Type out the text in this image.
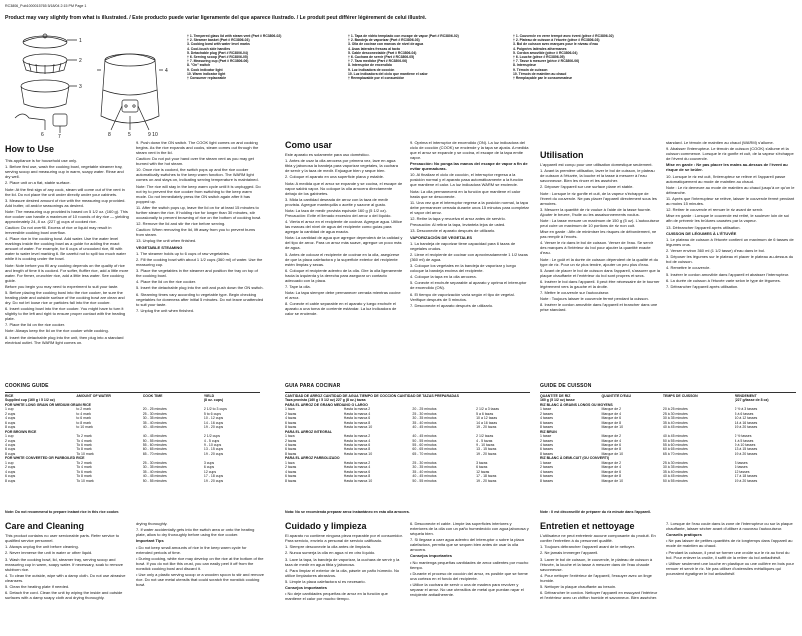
RC3806_Pub1000015765 5/18/04 2:15 PM Page 1
Product may vary slightly from what is illustrated. / Este producto puede variar ligeramente del que aparece ilustrado. / Le produit peut différer légèrement de celui illustré.
1
2
3
6	7
4
5
8	9 10
† 1. Tempered glass lid with steam vent (Part # RC3806-02)
† 2. Steamer basket (Part # RC3806-03)
3. Cooking bowl with water level marks
4. Cool-touch side handles
5. Detachable plug (Part # RC3806-04)
† 6. Serving scoop (Part # RC3806-05)
† 7. Measuring cup (Part # RC3806-06)
8. "On" switch
9. Cook indicator light
10. Warm indicator light
† Consumer replaceable
† 1. Tapa de vidrio templado con escape de vapor (Part # RC3806-02)
† 2. Bandeja de vaporizar (Part # RC3806-03)
3. Olla de cocinar con marcas de nivel de agua
4. Asas laterales frescas al tacto
5. Cable desconectable (Part # RC3806-04)
† 6. Cuchara de servir (Part # RC3806-05)
† 7. Taza medidor (Part # RC3806-06)
8. Interruptor de encendido
9. Luz indicadora de cocción
10. Luz indicadora del ciclo que mantiene el calor
† Reemplazable por el consumidor
† 1. Couvercle en verre trempé avec évent (pièce # RC3806-02)
† 2. Plateau de cuisson à l'étuvée (pièce # RC3806-03)
3. Bol de cuisson avec marques pour le niveau d'eau
4. Poignées latérales athermanes
5. Cordon amovible (pièce # RC3806-04)
† 6. Louche (pièce # RC3806-05)
† 7. Tasse à mesurer (pièce # RC3806-06)
8. Interrupteur
9. Témoin de cuisson
10. Témoin de maintien au chaud
† Remplaçable par le consommateur
How to Use	Como usar
Utilisation

This appliance is for household use only.

1. Before first use, wash the cooking bowl, vegetable steamer tray, serving scoop and measuring cup in warm, soapy water. Rinse and dry well.

2. Place unit on a flat, stable surface.

Note: At the first sign of any cook, steam will come out of the vent in the lid. Do not place the unit under directly under your cabinets.

3. Measure desired amount of rice with the measuring cup provided. Add butter, oil and/or seasonings as desired.

Note: The measuring cup provided is based on 5 1/2 oz. (160 g). This rice cooker can handle a maximum of 10 rounds of dry rice — yielding approximately 24, 8 oz. (227 g) cups of cooked rice.

Caution: Do not overfill. Excess of rice or liquid may result in irreversible cooking bowl overflow.

4. Place rice in the cooking bowl. Add water. Use the water level markings inside the cooking bowl as a guide for adding the exact amount of water. For example, for 6 cups of uncooked rice, fill with water to water level marking 6. Be careful not to spill too much water while it is cooking under the bowl.

Note: Note before you fill any cooking depends on the quality of rice and length of time it is cooked. For softer, fluffier rice, add a little more water. For firmer, crunchier rice, add a little less water. See cooking guide.

Before you begin you may need to experiment to suit your taste.

5. Before placing the cooking bowl into the rice cooker, be sure the heating plate and outside surface of the cooking bowl are clean and dry. Do not let loose rice or particles fall into the rice cooker.

6. Insert cooking bowl into the rice cooker. You might have to turn it slightly to the left and right to ensure proper contact with the heating plate.

7. Place the lid on the rice cooker.

Note: Always keep the lid on the rice cooker while cooking.

8. Insert the detachable plug into the unit, then plug into a standard electrical outlet. The WARM light comes on.

9. Push down the ON switch. The COOK light comes on and cooking begins. As the rice expands and cooks, steam comes out through the steam vent in the lid.

Caution: Do not put your hand over the steam vent as you may get burned with the hot steam.

10. Once rice is cooked, the switch pops up and the rice cooker automatically switches to the keep warm function. The WARM light comes on and stays on, indicating serving temperature is maintained.

Note: The rice will stay in the keep warm cycle until it is unplugged. Do not try to prevent the rice cooker from switching to the keep warm mode. Do not immediately press the ON switch again after it has popped up.

11. After the switch pops up, leave the lid on for at least 15 minutes to further steam the rice. If holding rice for longer than 30 minutes, stir occasionally to prevent browning of rice on the bottom of cooking bowl.

12. Remove the lid and stir the rice before serving.

Caution: When removing the lid, lift away from you to prevent burns from steam.

13. Unplug the unit when finished.

VEGETABLE STEAMING

1. The steamer holds up to 6 cups of raw vegetables.

2. Fill the cooking bowl with about 1 1/2 cups (360 ml) of water. Use the measuring cup.

3. Place the vegetables in the steamer and position the tray on top of the cooking bowl.

4. Place the lid on the rice cooker.

5. Insert the detachable plug into the unit and push down the ON switch.

6. Steaming times vary according to vegetable type. Begin checking vegetables for doneness after initial 5 minutes. Do not leave unattended to suit your taste.

7. Unplug the unit when finished.

Este aparato es solamente para uso doméstico.

1. Antes de usar la olla arrocera por primera vez, lave en agua tibia y jabonosa la bandeja para vaporizar vegetales, la cuchara de servir y la taza de medir. Enjuague bien y seque bien.

2. Coloque el aparato en una superficie plana y estable.

Nota: A medida que el arroz se expande y se cocina, el escape de vapor saldrá vapor. No coloque la olla arrocera directamente debajo de los gabinetes.

3. Mida la cantidad deseada de arroz con la taza de medir provista. Agregue mantequilla o aceite y sazone al gusto.

Nota: La taza de medir provista equivale 160 g (5 1/2 oz). Precaución: Evite el llenado excesivo del arroz o del líquido.

4. Vierta el arroz en el recipiente de cocinar. Agregue agua. Utilice las marcas del nivel de agua del recipiente como guías para agregar la cantidad de agua exacta.

Nota: La cantidad de agua que agregue dependerá de la calidad y del tipo de arroz. Para un arroz más suave, agregue un poco más de agua.

5. Antes de colocar el recipiente de cocinar en la olla, asegúrese de que la placa calefactora y la superficie exterior del recipiente estén limpias y secas.

6. Coloque el recipiente adentro de la olla. Gire la olla ligeramente hacia la izquierda y la derecha para asegurar un contacto adecuado con la placa.

7. Tape la olla.

Nota: La tapa siempre debe permanecer cerrada mientras cocine el arroz.

8. Conecte el cable separable en el aparato y luego enchufe el aparato a una toma de corriente estándar. La luz indicadora de calor se enciende.

9. Oprima el interruptor de encendido (ON). La luz indicadora del ciclo de cocción (COOK) se enciende y la tapa se ajusta. A medida que el arroz se expande y se cocina, el escape de la tapa emite vapor.

Precaución: No ponga las manos del escape de vapor a fin de evitar quemaduras.

10. Al finalizar el ciclo de cocción, el interruptor regresa a la posición normal y el aparato pasa automáticamente a la función que mantiene el calor. La luz indicadora WARM se enciende.

Nota: La olla permanecerá en la función que mantiene el calor hasta que se desconecte.

11. Una vez que el interruptor regrese a la posición normal, la tapa debe permanecer cerrada durante unos 15 minutos para completar el vapor del arroz.

12. Retire la tapa y revuelva el arroz antes de servirlo.

Precaución: Al retirar la tapa, levántela lejos de usted.

13. Desconecte el aparato después de utilizarlo.

VAPORIZACIÓN DE VEGETALES

1. La bandeja de vaporizar tiene capacidad para 6 tazas de vegetales crudos.

2. Llene el recipiente de cocinar con aproximadamente 1 1/2 tazas (360 ml) de agua.

3. Coloque los vegetales en la bandeja de vaporizar y luego coloque la bandeja encima del recipiente.

4. Coloque la tapa en la olla arrocera.

5. Conecte el enchufe separable al aparato y oprima el interruptor de encendido (ON).

6. El tiempo de vaporización varía según el tipo de vegetal. Verifique después de 5 minutos.

7. Desconecte el aparato después de utilizarlo.

L'appareil est conçu pour une utilisation domestique seulement.

1. Avant la première utilisation, laver le bol de cuisson, le plateau de cuisson à l'étuvée, la louche et la tasse à mesurer à l'eau savonneuse. Bien les rincer et les assécher.

2. Déposer l'appareil sur une surface plane et stable.

Note : Lorsque le riz gonfle et cuit, de la vapeur s'échappe de l'évent du couvercle. Ne pas placer l'appareil directement sous les armoires.

3. Mesurer la quantité de riz voulue à l'aide de la tasse fournie. Ajouter le beurre, l'huile ou les assaisonnements voulus.

Note : La tasse mesure un maximum de 150 g (5 oz). L'autocuiseur peut cuire un maximum de 10 portions de riz non cuit.

Mise en garde : Afin de minimiser les risques de débordement, ne pas remplir à l'excès.

4. Verser le riz dans le bol de cuisson. Verser de l'eau. Se servir des marques à l'intérieur du bol pour ajouter la quantité exacte d'eau.

Note : Le goût et la durée de cuisson dépendent de la qualité et du type de riz. Pour un riz plus tendre, ajouter un peu plus d'eau.

5. Avant de placer le bol de cuisson dans l'appareil, s'assurer que la plaque chauffante et l'extérieur du bol sont propres et secs.

6. Insérer le bol dans l'appareil. Il peut être nécessaire de le tourner légèrement vers la gauche et la droite.

7. Mettre le couvercle sur l'autocuiseur.

Note : Toujours laisser le couvercle fermé pendant la cuisson.

8. Insérer le cordon amovible dans l'appareil et brancher dans une prise standard.

standard. Le témoin de maintien au chaud (WARM) s'allume.

9. Abaisser l'interrupteur. Le témoin de cuisson (COOK) s'allume et la cuisson commence. Lorsque le riz gonfle et cuit, de la vapeur s'échappe de l'évent du couvercle.

Mise en garde : Ne pas placer les mains au-dessus de l'évent au risque de se brûler.

10. Lorsque le riz est cuit, l'interrupteur se relève et l'appareil passe automatiquement au mode de maintien au chaud.

Note : Le riz demeure au mode de maintien au chaud jusqu'à ce qu'on le débranche.

11. Après que l'interrupteur se relève, laisser le couvercle fermé pendant au moins 15 minutes.

12. Retirer le couvercle et remuer le riz avant de servir.

Mise en garde : Lorsque le couvercle est retiré, le soulever loin de soi afin de prévenir les brûlures causées par la vapeur.

13. Débrancher l'appareil après utilisation.

CUISSON DE LÉGUMES À L'ÉTUVÉE

1. Le plateau de cuisson à l'étuvée contient un maximum de 6 tasses de légumes crus.

2. Verser environ 360 ml (1 1/2 tasse) d'eau dans le bol.

3. Déposer les légumes sur le plateau et placer le plateau au-dessus du bol de cuisson.

4. Remettre le couvercle.

5. Insérer le cordon amovible dans l'appareil et abaisser l'interrupteur.

6. La durée de cuisson à l'étuvée varie selon le type de légumes.

7. Débrancher l'appareil après utilisation.

COOKING GUIDE
RICE
Supplied cup (160 g / 5 1/2 oz)
AMOUNT OF WATER	COOK TIME	YIELD
(8 oz. cups)
FOR WHITE LONG GRAIN OR MEDIUM GRAIN RICE
1 cup	to 2 mark	20 - 25 minutes	2 1/2 to 3 cups
2 cups	to 4 mark	25 - 30 minutes	5 to 6 cups
4 cups	to 6 mark	30 - 35 minutes	10 - 12 cups
6 cups	to 8 mark	35 - 40 minutes	14 - 16 cups
8 cups	to 10 mark	40 - 45 minutes	19 - 20 cups
FOR BROWN RICE
1 cup	To 2 mark	40 - 45 minutes	2 1/2 cups
2 cups	To 4 mark	50 - 55 minutes	4 - 5 cups
4 cups	To 6 mark	55 - 60 minutes	9 - 10 cups
6 cups	To 8 mark	60 - 65 minutes	13 - 15 cups
8 cups	To 10 mark	65 - 70 minutes	19 - 20 cups
FOR WHITE CONVERTED OR PARBOILED RICE
1 cup	To 2 mark	25 - 30 minutes	3 cups
2 cups	To 4 mark	30 - 35 minutes	6 cups
4 cups	To 6 mark	35 - 40 minutes	12 cups
6 cups	To 8 mark	40 - 45 minutes	17 - 18 cups
8 cups	To 10 mark	50 - 55 minutes	19 - 20 cups
Note: Do not recommend to prepare instant rice in this rice cooker.
GUIA PARA COCINAR
CANTIDAD DE ARROZ CANTIDAD DE AGUA TIEMPO DE COCCIÓN CANTIDAD DE TAZAS PREPARADAS
Taza provista (160 g / 5 1/2 oz) 227 g (8 oz.) tazas
PARA EL ARROZ DE GRANO MEDIANO O LARGO
1 taza	Hasta la marca 2	20 - 25 minutos	2 1/2 a 3 tazas
2 tazas	Hasta la marca 4	25 - 30 minutos	5 a 6 tazas
4 tazas	Hasta la marca 6	30 - 35 minutos	10 a 12 tazas
6 tazas	Hasta la marca 8	35 - 40 minutos	14 a 16 tazas
8 tazas	Hasta la marca 10	40 - 45 minutos	19 - 20 tazas
PARA EL ARROZ INTEGRAL
1 taza	Hasta la marca 2	40 - 45 minutos	2 1/2 tazas
2 tazas	Hasta la marca 4	50 - 55 minutos	4 - 5 tazas
4 tazas	Hasta la marca 6	55 - 60 minutos	9 - 10 tazas
6 tazas	Hasta la marca 8	60 - 65 minutos	13 - 15 tazas
8 tazas	Hasta la marca 10	65 - 70 minutos	19 - 20 tazas
PARA EL ARROZ PARBOLIZADO
1 taza	Hasta la marca 2	25 - 30 minutos	3 tazas
2 tazas	Hasta la marca 4	30 - 35 minutos	6 tazas
4 tazas	Hasta la marca 6	35 - 40 minutos	12 tazas
6 tazas	Hasta la marca 8	40 - 45 minutos	17 - 18 tazas
8 tazas	Hasta la marca 10	50 - 55 minutos	19 - 20 tazas
Nota: No se recomienda preparar arroz instantáneo en esta olla arrocera.
GUIDE DE CUISSON
QUANTITÉ DE RIZ
160 g (5 1/2 oz) tasse
QUANTITÉ D'EAU	TEMPS DE CUISSON	RENDEMENT
(227 g/tasse de 8 oz)
RIZ BLANC À GRAINS LONGS OU MOYENS
1 tasse	Marque de 2	20 à 25 minutes	2 ½ à 3 tasses
2 tasses	Marque de 4	25 à 30 minutes	5 à 6 tasses
4 tasses	Marque de 6	30 à 35 minutes	10 à 12 tasses
6 tasses	Marque de 8	35 à 40 minutes	14 à 16 tasses
8 tasses	Marque de 10	40 à 45 minutes	19 à 20 tasses
RIZ BRUN
1 tasse	Marque de 2	40 à 45 minutes	2 ½ tasses
2 tasses	Marque de 4	50 à 55 minutes	4 à 5 tasses
4 tasses	Marque de 6	55 à 60 minutes	9 à 10 tasses
6 tasses	Marque de 8	60 à 65 minutes	13 à 15 tasses
8 tasses	Marque de 10	65 à 70 minutes	19 à 20 tasses
RIZ BLANC À DEMI-CUIT (OU CONVERTI)
1 tasse	Marque de 2	25 à 30 minutes	3 tasses
2 tasses	Marque de 4	30 à 35 minutes	6 tasses
4 tasses	Marque de 6	35 à 40 minutes	12 tasses
6 tasses	Marque de 8	40 à 45 minutes	17 à 18 tasses
8 tasses	Marque de 10	50 à 55 minutes	19 à 20 tasses
Note : Il est déconseillé de préparer du riz minute dans l'appareil.
Care and Cleaning

This product contains no user serviceable parts. Refer service to qualified service personnel.

1. Always unplug the unit before cleaning.

2. Never immerse the unit in water or other liquid.

3. Wash the cooking bowl, lid, steamer tray, serving scoop and measuring cup in warm, soapy water. If necessary, soak to remove stubborn rice.

4. To clean the outside, wipe with a damp cloth. Do not use abrasive cleansers.

5. Clean the heating plate if needed.

6. Detach the cord. Clean the unit by wiping the inside and outside surfaces with a damp soapy cloth and drying thoroughly.

drying thoroughly.

7. If water accidentally gets into the switch area or onto the heating plate, allow to dry thoroughly before using the rice cooker.

Important Tips

• Do not keep small amounts of rice in the keep warm cycle for extended periods of time.

• During cooking, white rice may develop on the rice at the bottom of the bowl. If you do not like this crust, you can easily peel it off from the nonstick cooking bowl and discard it.

• Use only a plastic serving scoop or a wooden spoon to stir and remove rice. Do not use metal utensils that could scratch the nonstick cooking bowl.

Cuidado y limpieza

El aparato no contiene ninguna pieza reparable por el consumidor. Para servicio, envíelo a personal de servicio calificado.

1. Siempre desconecte la olla antes de limpiarla.

2. Nunca sumerja la olla en agua ni en otro líquido.

3. Lave la tapa, la bandeja de vaporizar, la cuchara de servir y la taza de medir en agua tibia y jabonosa.

4. Para limpiar el exterior de la olla, pásele un paño húmedo. No utilice limpiadores abrasivos.

5. Limpie la placa calefactora si es necesario.

Consejos importantes

• No deje cantidades pequeñas de arroz en la función que mantiene el calor por mucho tiempo.

6. Desconecte el cable. Limpie las superficies interiores y exteriores de la olla con un paño humedecido con agua jabonosa y séquela bien.

7. Si llegase a caer agua adentro del interruptor o sobre la placa calefactora, permita que se sequen bien antes de usar la olla arrocera.

Consejos importantes

• No mantenga pequeñas cantidades de arroz calientes por mucho tiempo.

• Durante el proceso de cocción del arroz, es posible que se forme una corteza en el fondo del recipiente.

• Utilice la cuchara de servir o una de madera para revolver y separar el arroz. No use utensilios de metal que puedan rayar el recipiente antiadherente.

Entretien et nettoyage

L'utilisateur ne peut entretenir aucune composante du produit. En confier l'entretien à du personnel qualifié.

1. Toujours débrancher l'appareil avant de le nettoyer.

2. Ne jamais immerger l'appareil.

3. Laver le bol de cuisson, le couvercle, le plateau de cuisson à l'étuvée, la louche et la tasse à mesurer dans de l'eau chaude savonneuse.

4. Pour nettoyer l'extérieur de l'appareil, l'essuyer avec un linge humide.

5. Nettoyer la plaque chauffante au besoin.

6. Débrancher le cordon. Nettoyer l'appareil en essuyant l'intérieur et l'extérieur avec un chiffon humide et savonneux. Bien assécher.

7. Lorsque de l'eau coule dans la zone de l'interrupteur ou sur la plaque chauffante, laisser sécher avant d'utiliser à nouveau l'autocuiseur.

Conseils pratiques

• Ne pas laisser de petites quantités de riz longtemps dans l'appareil au mode de maintien au chaud.

• Pendant la cuisson, il peut se former une croûte sur le riz au fond du bol. Pour enlever la croûte, il suffit de la retirer du bol antiadhésif.

• Utiliser seulement une louche en plastique ou une cuillère en bois pour remuer et servir le riz. Ne pas utiliser d'ustensiles métalliques qui pourraient égratigner le bol antiadhésif.
